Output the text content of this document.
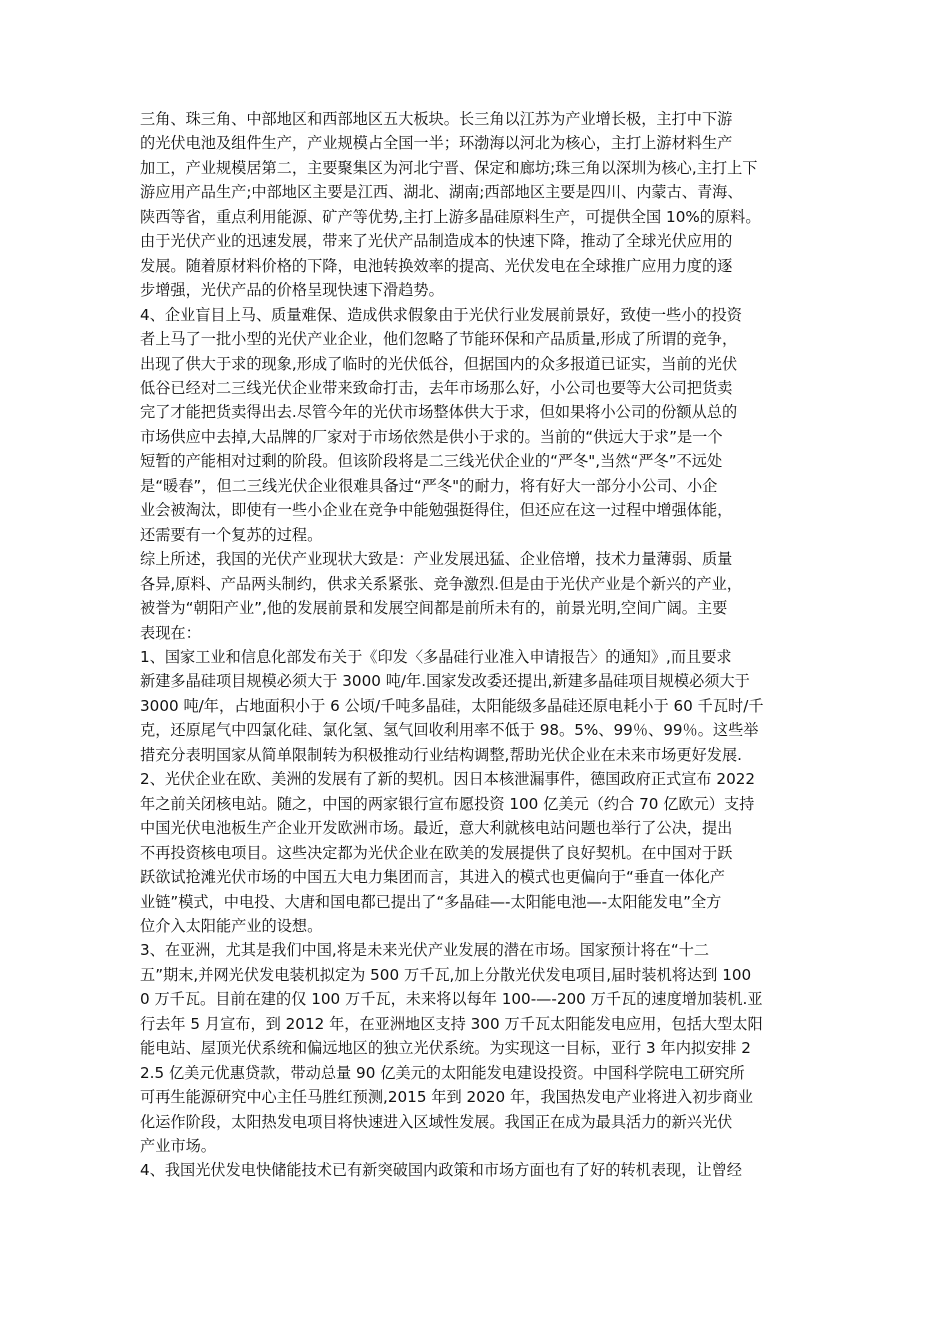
三角、珠三角、中部地区和西部地区五大板块。长三角以江苏为产业增长极，主打中下游
的光伏电池及组件生产，产业规模占全国一半；环渤海以河北为核心，主打上游材料生产
加工，产业规模居第二，主要聚集区为河北宁晋、保定和廊坊;珠三角以深圳为核心,主打上下
游应用产品生产;中部地区主要是江西、湖北、湖南;西部地区主要是四川、内蒙古、青海、
陕西等省，重点利用能源、矿产等优势,主打上游多晶硅原料生产，可提供全国 10%的原料。
由于光伏产业的迅速发展，带来了光伏产品制造成本的快速下降，推动了全球光伏应用的
发展。随着原材料价格的下降，电池转换效率的提高、光伏发电在全球推广应用力度的逐
步增强，光伏产品的价格呈现快速下滑趋势。
4、企业盲目上马、质量难保、造成供求假象由于光伏行业发展前景好，致使一些小的投资
者上马了一批小型的光伏产业企业，他们忽略了节能环保和产品质量,形成了所谓的竞争，
出现了供大于求的现象,形成了临时的光伏低谷，但据国内的众多报道已证实，当前的光伏
低谷已经对二三线光伏企业带来致命打击，去年市场那么好，小公司也要等大公司把货卖
完了才能把货卖得出去.尽管今年的光伏市场整体供大于求，但如果将小公司的份额从总的
市场供应中去掉,大品牌的厂家对于市场依然是供小于求的。当前的“供远大于求”是一个
短暂的产能相对过剩的阶段。但该阶段将是二三线光伏企业的“严冬",当然“严冬”不远处
是“暖春”，但二三线光伏企业很难具备过“严冬"的耐力，将有好大一部分小公司、小企
业会被淘汰，即使有一些小企业在竞争中能勉强挺得住，但还应在这一过程中增强体能，
还需要有一个复苏的过程。
综上所述，我国的光伏产业现状大致是：产业发展迅猛、企业倍增，技术力量薄弱、质量
各异,原料、产品两头制约，供求关系紧张、竞争激烈.但是由于光伏产业是个新兴的产业，
被誉为“朝阳产业”,他的发展前景和发展空间都是前所未有的，前景光明,空间广阔。主要
表现在：
1、国家工业和信息化部发布关于《印发〈多晶硅行业准入申请报告〉的通知》,而且要求
新建多晶硅项目规模必须大于 3000 吨/年.国家发改委还提出,新建多晶硅项目规模必须大于
3000 吨/年，占地面积小于 6 公顷/千吨多晶硅，太阳能级多晶硅还原电耗小于 60 千瓦时/千
克，还原尾气中四氯化硅、氯化氢、氢气回收利用率不低于 98。5%、99％、99％。这些举
措充分表明国家从简单限制转为积极推动行业结构调整,帮助光伏企业在未来市场更好发展.
2、光伏企业在欧、美洲的发展有了新的契机。因日本核泄漏事件，德国政府正式宣布 2022
年之前关闭核电站。随之，中国的两家银行宣布愿投资 100 亿美元（约合 70 亿欧元）支持
中国光伏电池板生产企业开发欧洲市场。最近，意大利就核电站问题也举行了公决，提出
不再投资核电项目。这些决定都为光伏企业在欧美的发展提供了良好契机。在中国对于跃
跃欲试抢滩光伏市场的中国五大电力集团而言，其进入的模式也更偏向于“垂直一体化产
业链”模式，中电投、大唐和国电都已提出了“多晶硅—-太阳能电池—-太阳能发电”全方
位介入太阳能产业的设想。
3、在亚洲，尤其是我们中国,将是未来光伏产业发展的潜在市场。国家预计将在“十二
五”期末,并网光伏发电装机拟定为 500 万千瓦,加上分散光伏发电项目,届时装机将达到 100
0 万千瓦。目前在建的仅 100 万千瓦，未来将以每年 100-—-200 万千瓦的速度增加装机.亚
行去年 5 月宣布，到 2012 年，在亚洲地区支持 300 万千瓦太阳能发电应用，包括大型太阳
能电站、屋顶光伏系统和偏远地区的独立光伏系统。为实现这一目标，亚行 3 年内拟安排 2
2.5 亿美元优惠贷款，带动总量 90 亿美元的太阳能发电建设投资。中国科学院电工研究所
可再生能源研究中心主任马胜红预测,2015 年到 2020 年，我国热发电产业将进入初步商业
化运作阶段，太阳热发电项目将快速进入区域性发展。我国正在成为最具活力的新兴光伏
产业市场。
4、我国光伏发电快储能技术已有新突破国内政策和市场方面也有了好的转机表现，让曾经
